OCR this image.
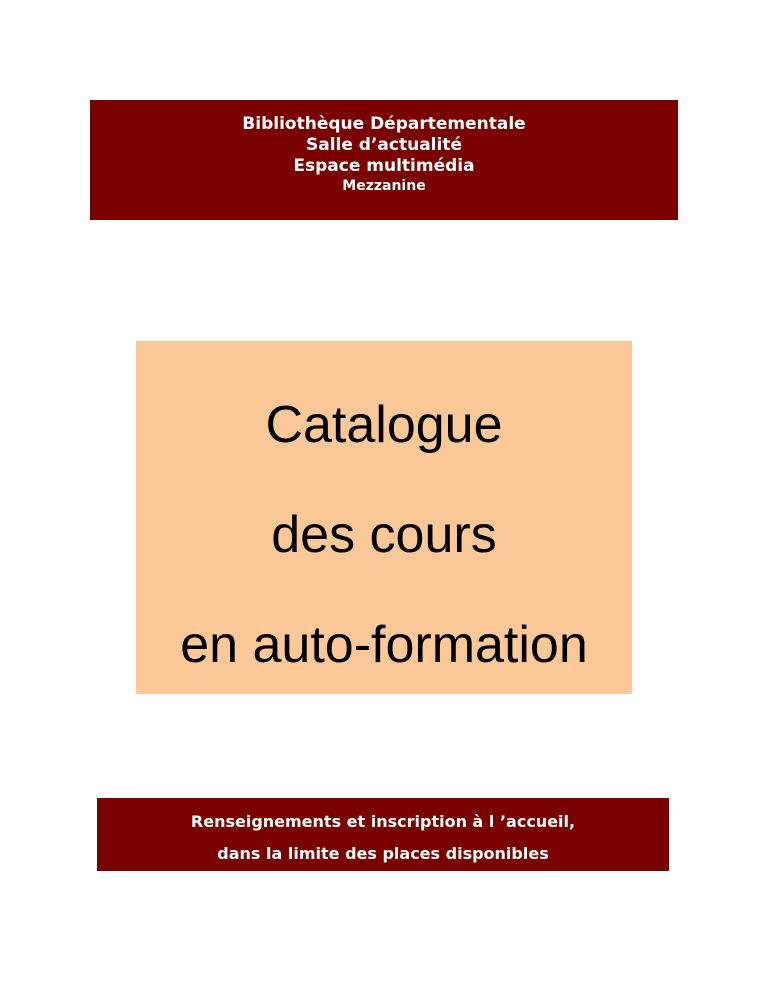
Bibliothèque Départementale
Salle d’actualité
Espace multimédia
Mezzanine
Catalogue
des cours
en auto-formation
Renseignements et inscription à l ’accueil,
dans la limite des places disponibles
